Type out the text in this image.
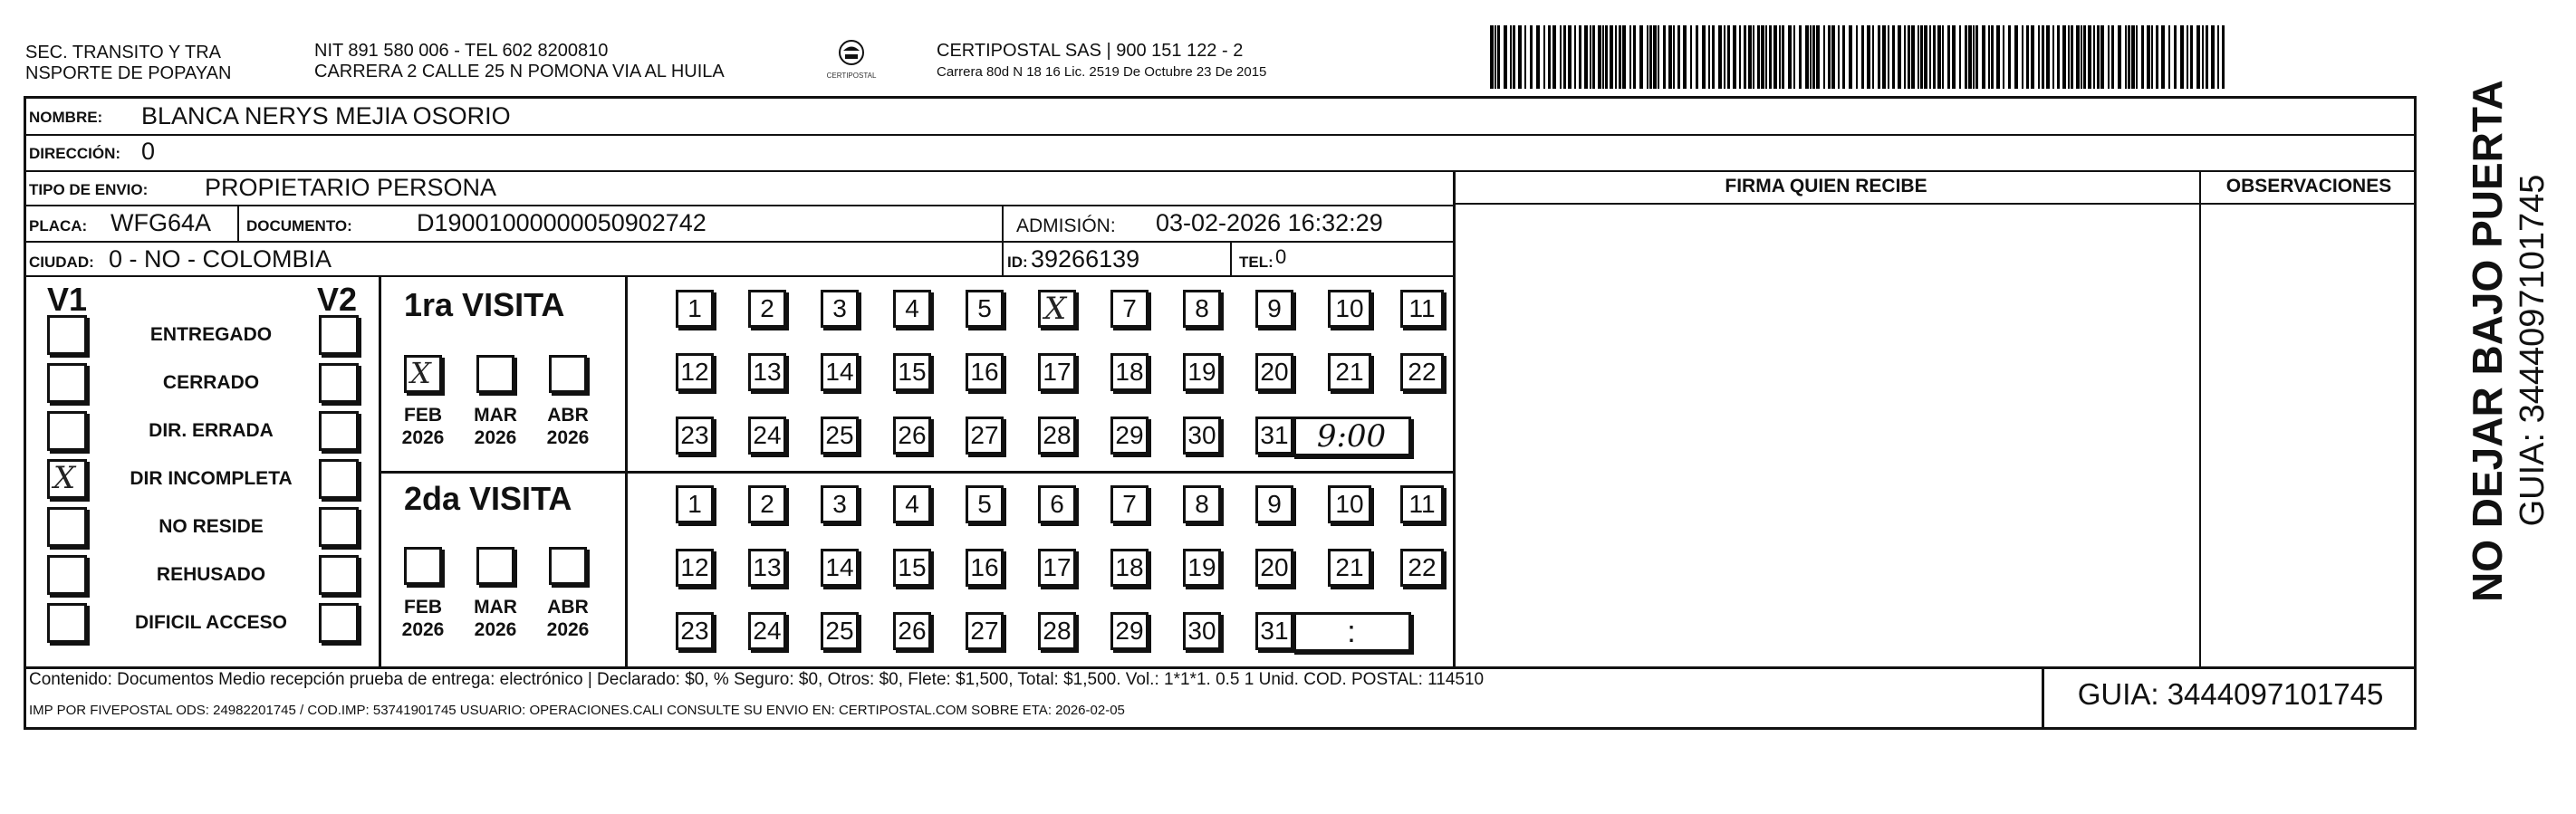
SEC. TRANSITO Y TRA
NSPORTE DE POPAYAN
NIT 891 580 006 - TEL 602 8200810
CARRERA 2 CALLE 25 N POMONA VIA AL HUILA	CERTIPOSTAL
CERTIPOSTAL SAS | 900 151 122 - 2
Carrera 80d N 18 16 Lic. 2519 De Octubre 23 De 2015
FIRMA QUIEN RECIBE	OBSERVACIONES
NOMBRE: BLANCA NERYS MEJIA OSORIO
DIRECCIÓN: 0
TIPO DE ENVIO: PROPIETARIO PERSONA
PLACA: WFG64A DOCUMENTO:	D19001000000050902742	ADMISIÓN: 03-02-2026 16:32:29
CIUDAD: 0 - NO - COLOMBIA	ID: 39266139	TEL: 0
V1	V2
ENTREGADO
CERRADO
DIR. ERRADA
X	DIR INCOMPLETA
NO RESIDE
REHUSADO
DIFICIL ACCESO
1ra VISITA
2da VISITA
X
FEB
2026
MAR
2026
ABR
2026
FEB
2026
MAR
2026
ABR
2026
1	2	3	4	5	X	7	8	9	10	11
12 13 14 15 16 17 18 19 20	21	22
23 24 25 26 27 28 29 30 31 9:00
1	2	3	4	5	6	7	8	9	10	11
12 13 14 15 16 17 18 19 20	21	22
23 24 25 26 27 28 29 30 31	:
Contenido: Documentos Medio recepción prueba de entrega: electrónico | Declarado: $0, % Seguro: $0, Otros: $0, Flete: $1,500, Total: $1,500. Vol.: 1*1*1. 0.5 1 Unid. COD. POSTAL: 114510
IMP POR FIVEPOSTAL ODS: 24982201745 / COD.IMP: 53741901745 USUARIO: OPERACIONES.CALI CONSULTE SU ENVIO EN: CERTIPOSTAL.COM SOBRE ETA: 2026-02-05	GUIA: 3444097101745
NO DEJAR BAJO PUERTA GUIA: 3444097101745
